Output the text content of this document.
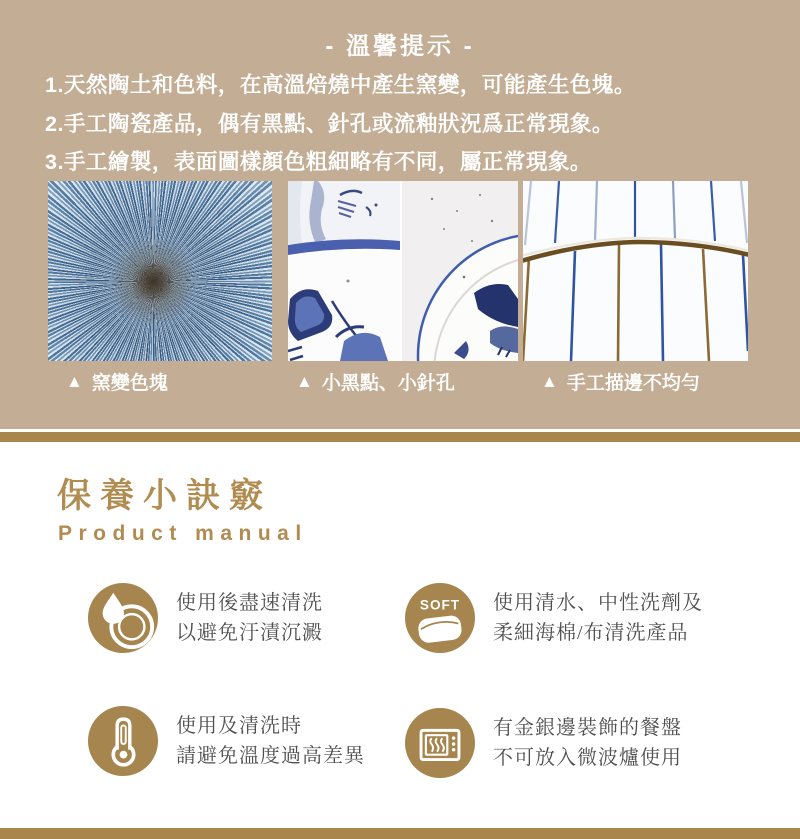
- 溫馨提示 -

1.天然陶土和色料，在高溫焙燒中產生窯變，可能產生色塊。

2.手工陶瓷產品，偶有黑點、針孔或流釉狀況爲正常現象。

3.手工繪製，表面圖樣顏色粗細略有不同，屬正常現象。

▲ 窯變色塊	▲ 小黑點、小針孔	▲ 手工描邊不均勻
保養小訣竅
Product manual

使用後盡速清洗

以避免汙漬沉澱

SOFT 使用清水、中性洗劑及

柔細海棉/布清洗產品

使用及清洗時

請避免溫度過高差異

有金銀邊裝飾的餐盤

不可放入微波爐使用
